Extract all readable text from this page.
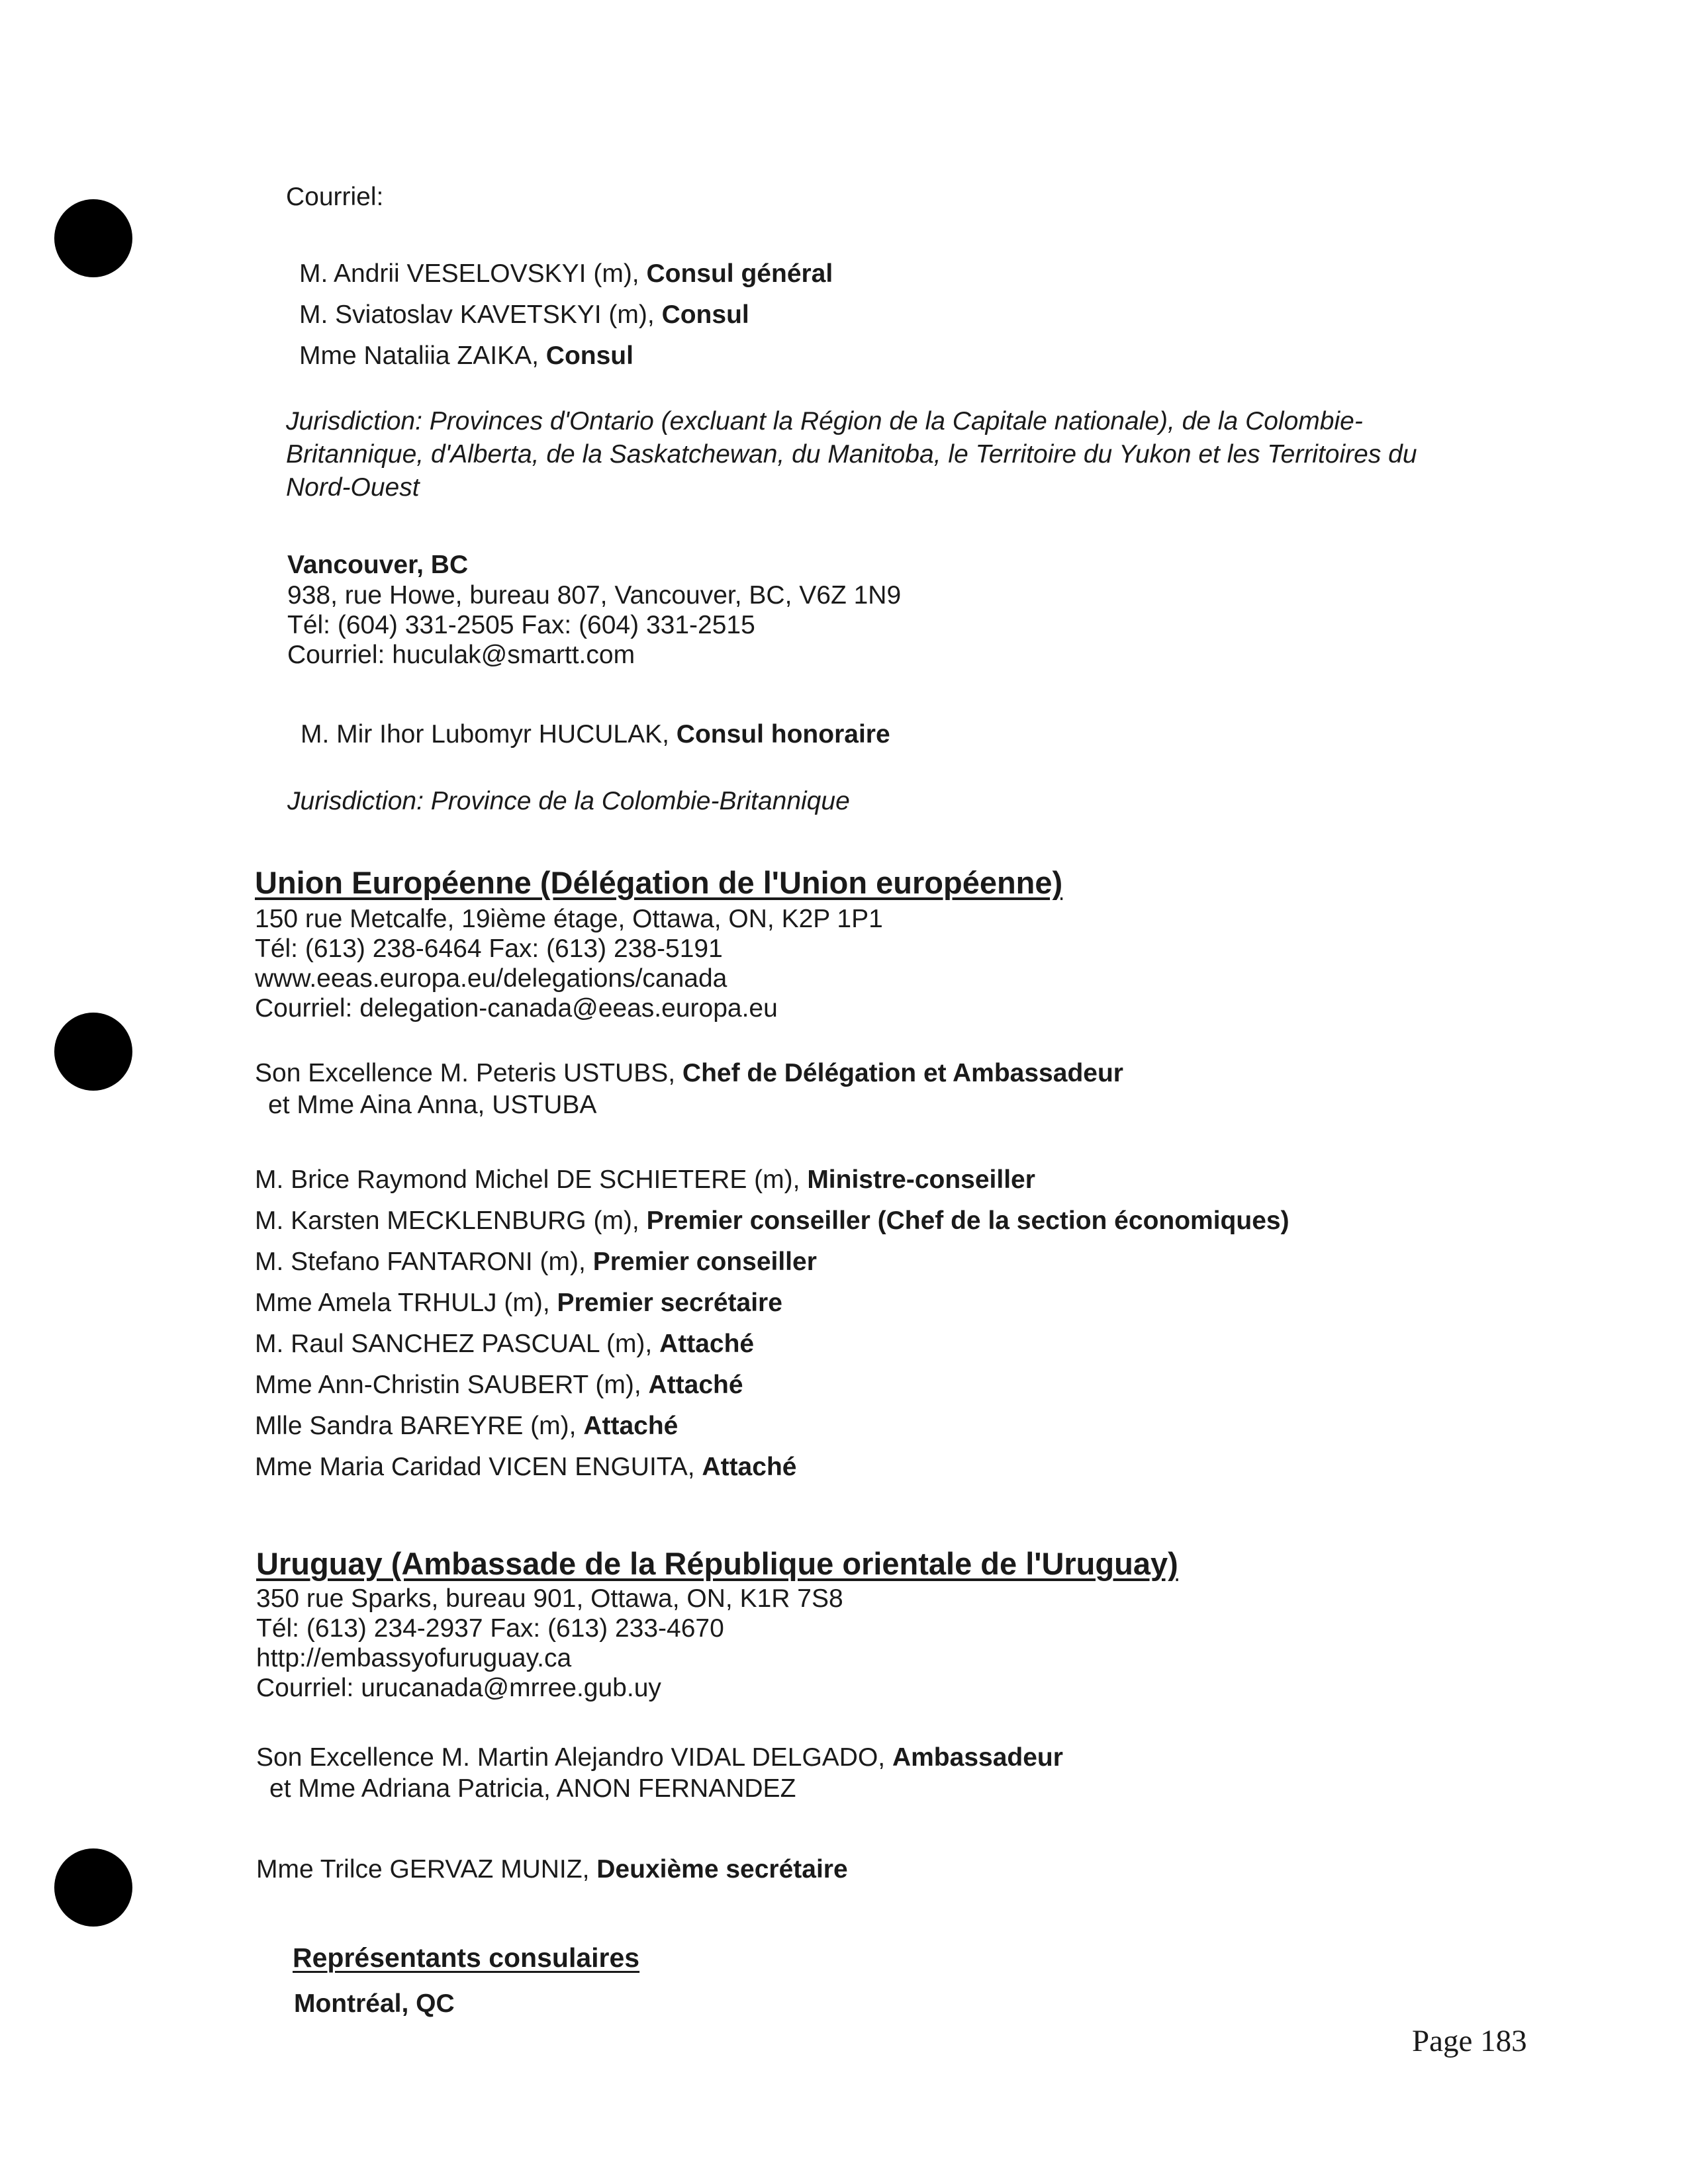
Courriel:
M. Andrii VESELOVSKYI (m), Consul général
M. Sviatoslav KAVETSKYI (m), Consul
Mme Nataliia ZAIKA, Consul
Jurisdiction: Provinces d'Ontario (excluant la Région de la Capitale nationale), de la Colombie-Britannique, d'Alberta, de la Saskatchewan, du Manitoba, le Territoire du Yukon et les Territoires du Nord-Ouest
Vancouver, BC
938, rue Howe, bureau 807, Vancouver, BC, V6Z 1N9
Tél: (604) 331-2505 Fax: (604) 331-2515
Courriel: huculak@smartt.com
M. Mir Ihor Lubomyr HUCULAK, Consul honoraire
Jurisdiction: Province de la Colombie-Britannique
Union Européenne (Délégation de l'Union européenne)
150 rue Metcalfe, 19ième étage, Ottawa, ON, K2P 1P1
Tél: (613) 238-6464 Fax: (613) 238-5191
www.eeas.europa.eu/delegations/canada
Courriel: delegation-canada@eeas.europa.eu
Son Excellence M. Peteris USTUBS, Chef de Délégation et Ambassadeur
et Mme Aina Anna, USTUBA
M. Brice Raymond Michel DE SCHIETERE (m), Ministre-conseiller
M. Karsten MECKLENBURG (m), Premier conseiller (Chef de la section économiques)
M. Stefano FANTARONI (m), Premier conseiller
Mme Amela TRHULJ (m), Premier secrétaire
M. Raul SANCHEZ PASCUAL (m), Attaché
Mme Ann-Christin SAUBERT (m), Attaché
Mlle Sandra BAREYRE (m), Attaché
Mme Maria Caridad VICEN ENGUITA, Attaché
Uruguay (Ambassade de la République orientale de l'Uruguay)
350 rue Sparks, bureau 901, Ottawa, ON, K1R 7S8
Tél: (613) 234-2937 Fax: (613) 233-4670
http://embassyofuruguay.ca
Courriel: urucanada@mrree.gub.uy
Son Excellence M. Martin Alejandro VIDAL DELGADO, Ambassadeur
et Mme Adriana Patricia, ANON FERNANDEZ
Mme Trilce GERVAZ MUNIZ, Deuxième secrétaire
Représentants consulaires
Montréal, QC
Page 183
